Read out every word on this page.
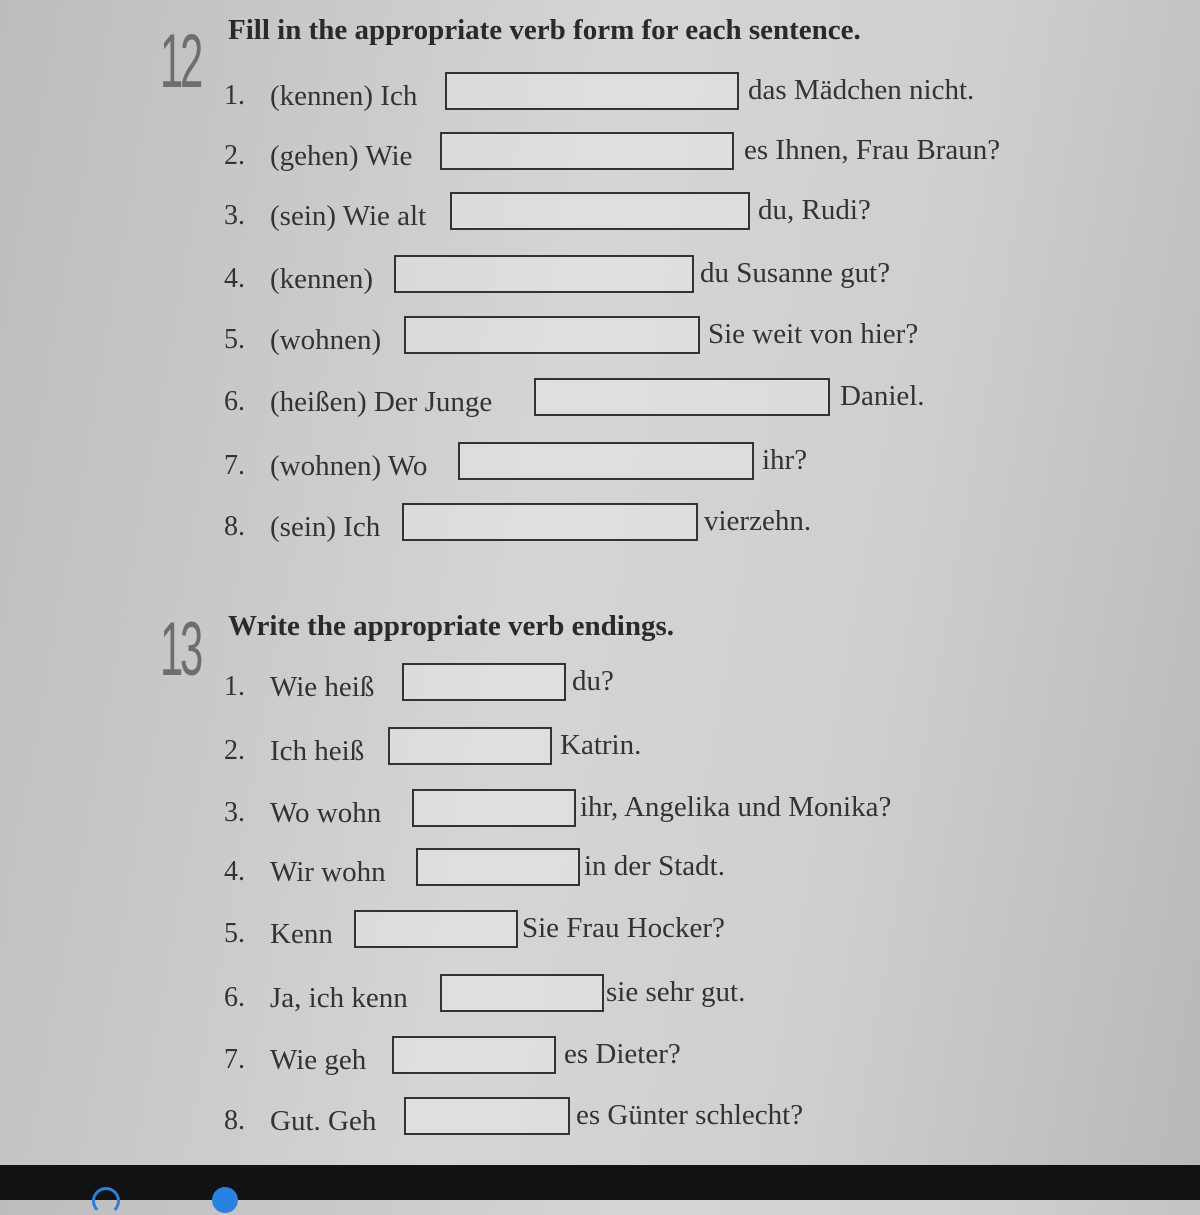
12 Fill in the appropriate verb form for each sentence.
1. (kennen) Ich	das Mädchen nicht.
2. (gehen) Wie	es Ihnen, Frau Braun?
3. (sein) Wie alt	du, Rudi?
4. (kennen)	du Susanne gut?
5. (wohnen)	Sie weit von hier?
6. (heißen) Der Junge	Daniel.
7. (wohnen) Wo	ihr?
8. (sein) Ich	vierzehn.
13 Write the appropriate verb endings.
1. Wie heiß	du?
2. Ich heiß	Katrin.
3. Wo wohn	ihr, Angelika und Monika?
4. Wir wohn	in der Stadt.
5. Kenn	Sie Frau Hocker?
6. Ja, ich kenn	sie sehr gut.
7. Wie geh	es Dieter?
8. Gut. Geh	es Günter schlecht?
